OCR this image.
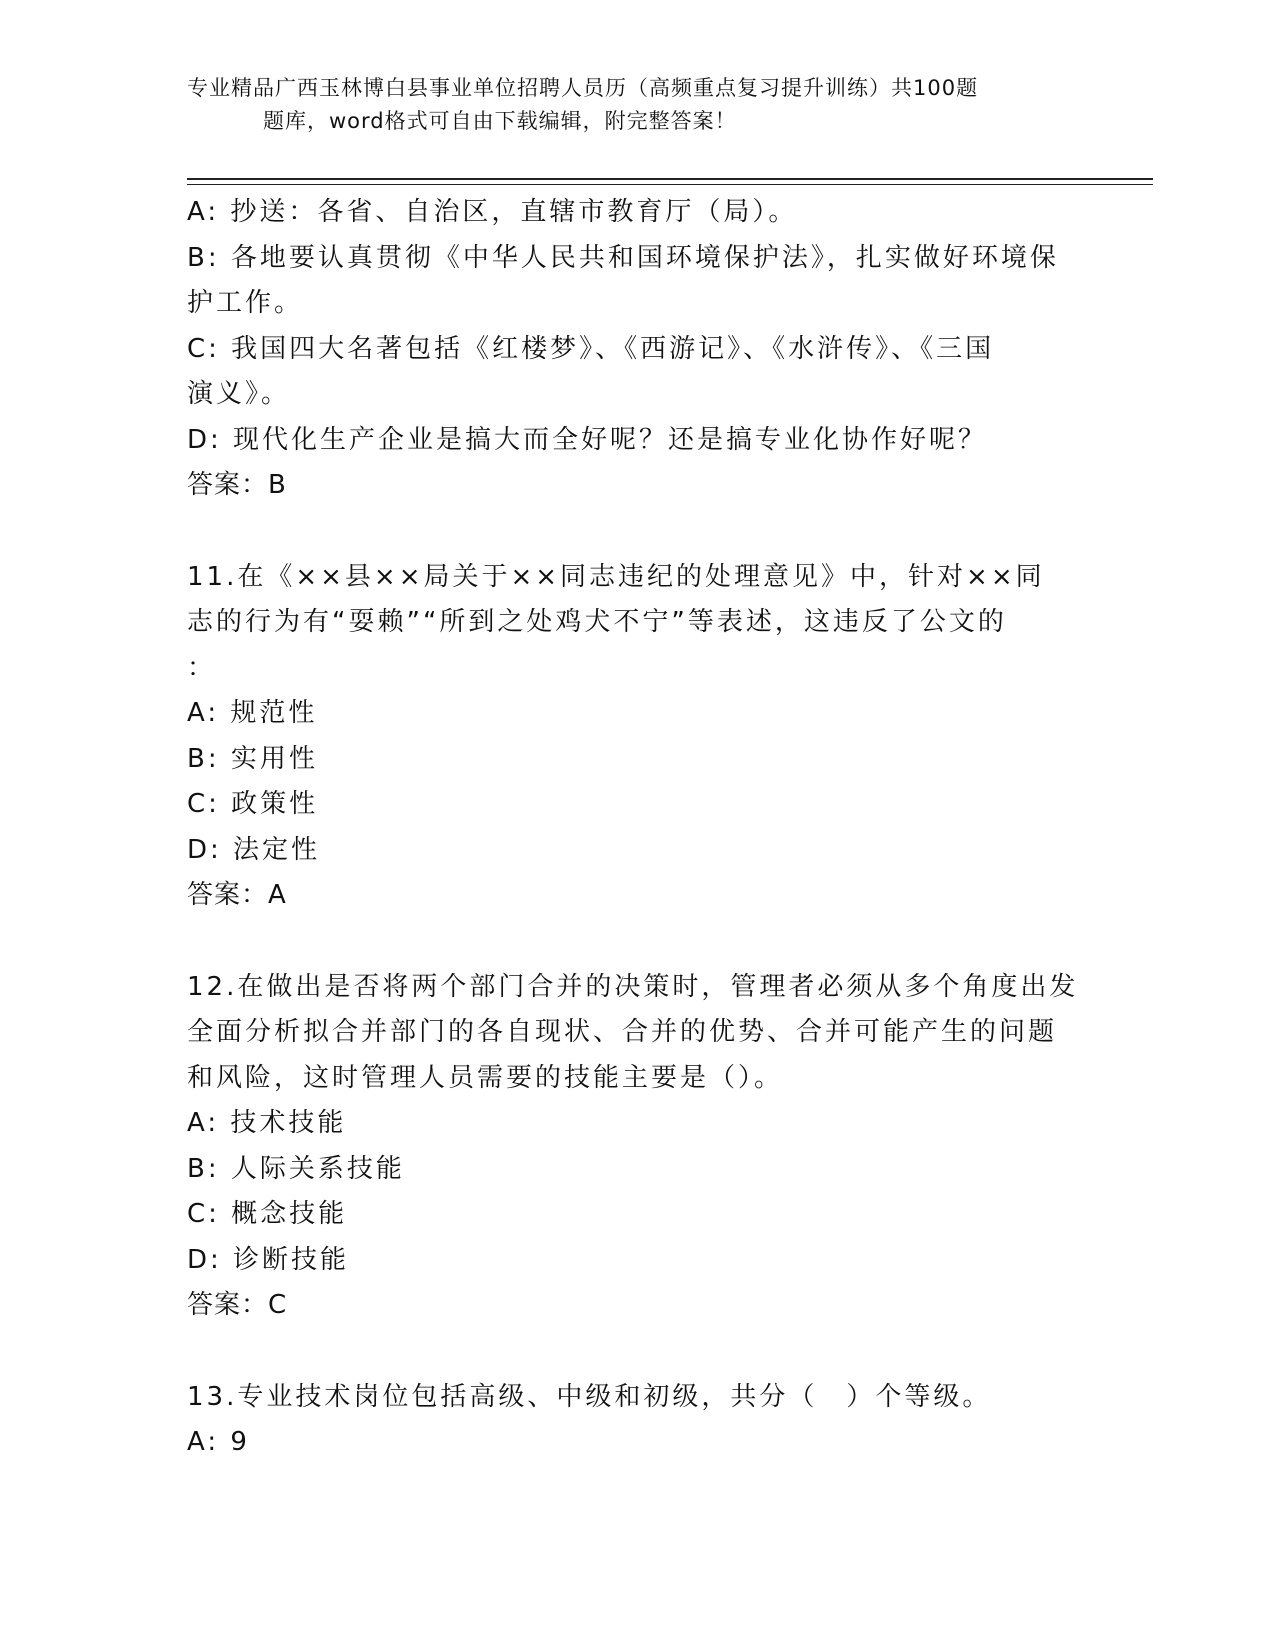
专业精品广西玉林博白县事业单位招聘人员历（高频重点复习提升训练）共100题
题库，word格式可自由下载编辑，附完整答案！

A: 抄送：各省、自治区，直辖市教育厅（局）。

B: 各地要认真贯彻《中华人民共和国环境保护法》，扎实做好环境保

护工作。

C: 我国四大名著包括《红楼梦》、《西游记》、《水浒传》、《三国

演义》。

D: 现代化生产企业是搞大而全好呢？还是搞专业化协作好呢？

答案：B

11.在《××县××局关于××同志违纪的处理意见》中，针对××同

志的行为有“耍赖”“所到之处鸡犬不宁”等表述，这违反了公文的

：

A: 规范性

B: 实用性

C: 政策性

D: 法定性

答案：A

12.在做出是否将两个部门合并的决策时，管理者必须从多个角度出发

全面分析拟合并部门的各自现状、合并的优势、合并可能产生的问题

和风险，这时管理人员需要的技能主要是（）。

A: 技术技能

B: 人际关系技能

C: 概念技能

D: 诊断技能

答案：C

13.专业技术岗位包括高级、中级和初级，共分（　）个等级。

A: 9
